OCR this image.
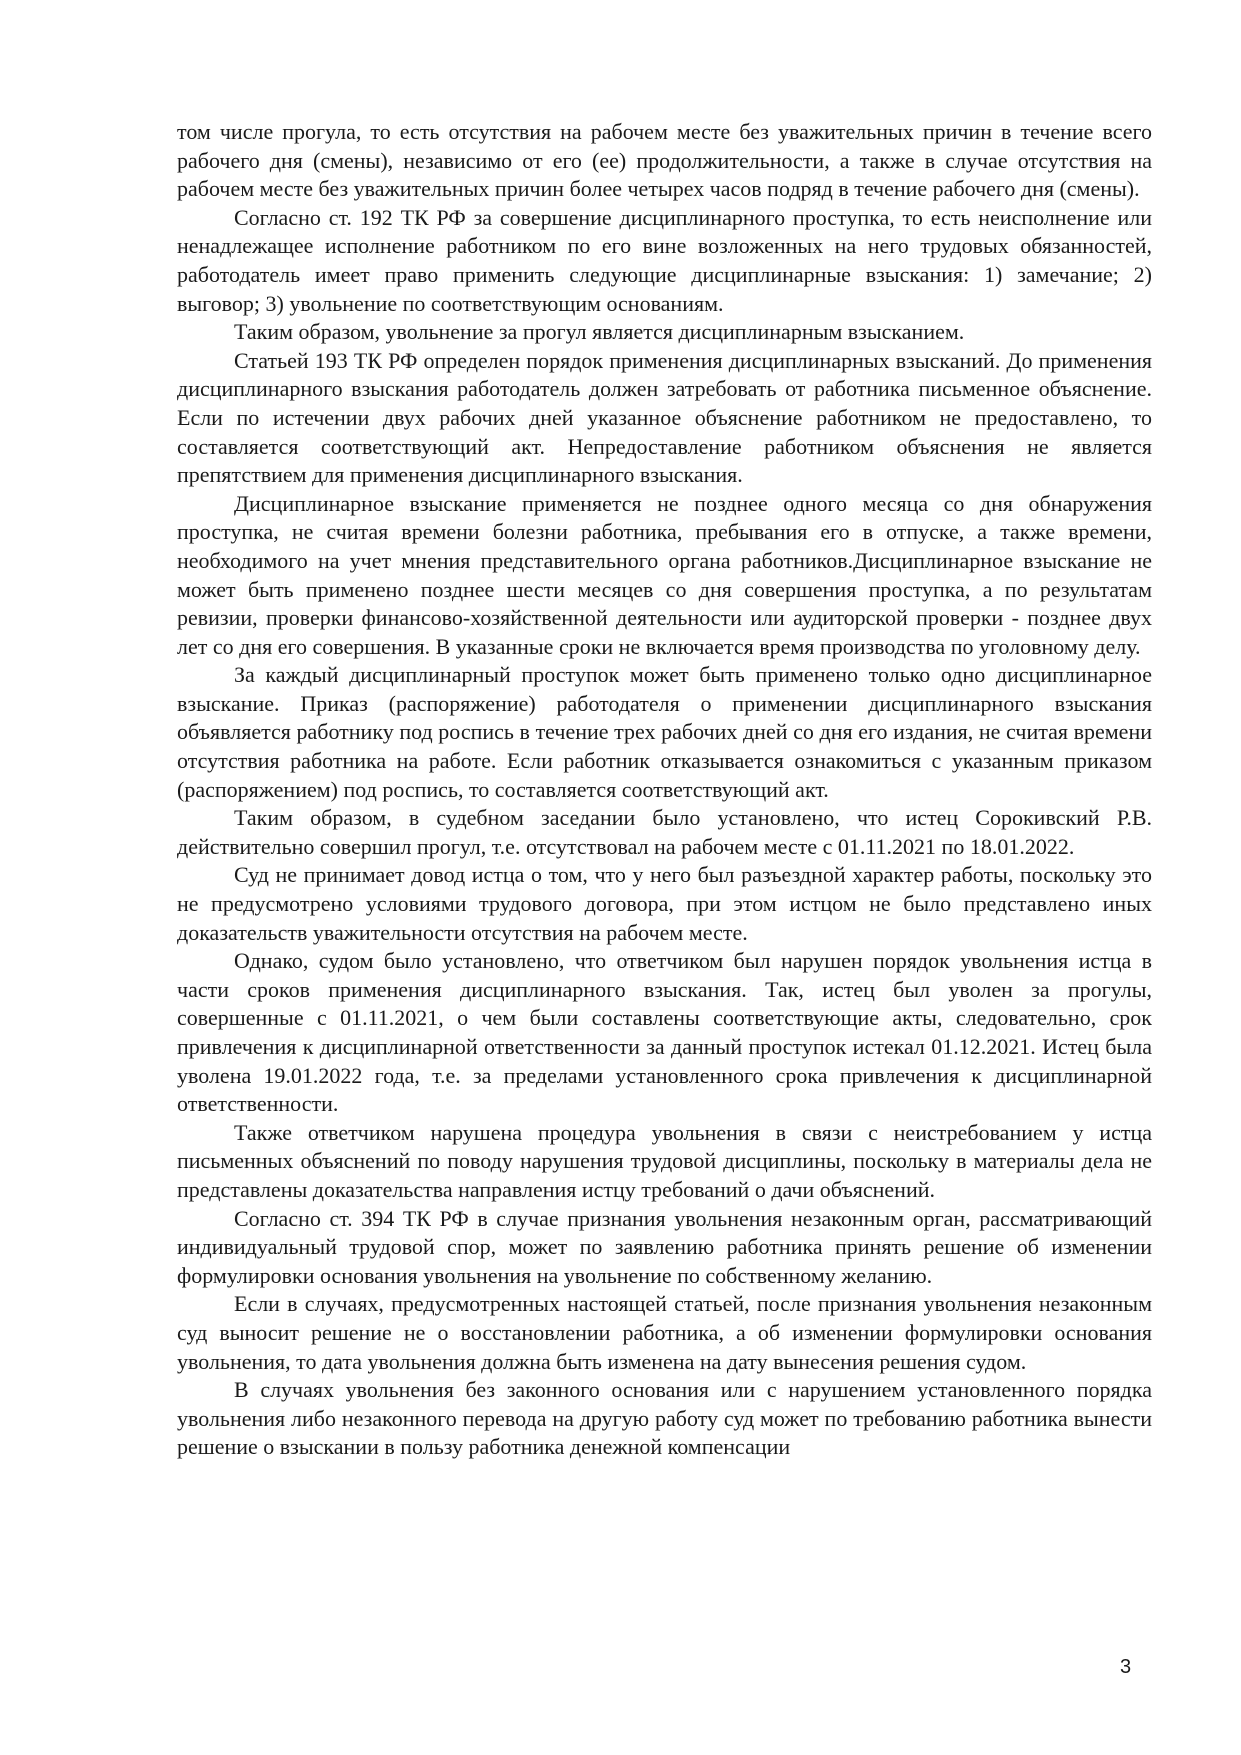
том числе прогула, то есть отсутствия на рабочем месте без уважительных причин в течение всего рабочего дня (смены), независимо от его (ее) продолжительности, а также в случае отсутствия на рабочем месте без уважительных причин более четырех часов подряд в течение рабочего дня (смены).

Согласно ст. 192 ТК РФ за совершение дисциплинарного проступка, то есть неисполнение или ненадлежащее исполнение работником по его вине возложенных на него трудовых обязанностей, работодатель имеет право применить следующие дисциплинарные взыскания: 1) замечание; 2) выговор; 3) увольнение по соответствующим основаниям.

Таким образом, увольнение за прогул является дисциплинарным взысканием.

Статьей 193 ТК РФ определен порядок применения дисциплинарных взысканий. До применения дисциплинарного взыскания работодатель должен затребовать от работника письменное объяснение. Если по истечении двух рабочих дней указанное объяснение работником не предоставлено, то составляется соответствующий акт. Непредоставление работником объяснения не является препятствием для применения дисциплинарного взыскания.

Дисциплинарное взыскание применяется не позднее одного месяца со дня обнаружения проступка, не считая времени болезни работника, пребывания его в отпуске, а также времени, необходимого на учет мнения представительного органа работников.Дисциплинарное взыскание не может быть применено позднее шести месяцев со дня совершения проступка, а по результатам ревизии, проверки финансово-хозяйственной деятельности или аудиторской проверки - позднее двух лет со дня его совершения. В указанные сроки не включается время производства по уголовному делу.

За каждый дисциплинарный проступок может быть применено только одно дисциплинарное взыскание. Приказ (распоряжение) работодателя о применении дисциплинарного взыскания объявляется работнику под роспись в течение трех рабочих дней со дня его издания, не считая времени отсутствия работника на работе. Если работник отказывается ознакомиться с указанным приказом (распоряжением) под роспись, то составляется соответствующий акт.

Таким образом, в судебном заседании было установлено, что истец Сорокивский Р.В. действительно совершил прогул, т.е. отсутствовал на рабочем месте с 01.11.2021 по 18.01.2022.

Суд не принимает довод истца о том, что у него был разъездной характер работы, поскольку это не предусмотрено условиями трудового договора, при этом истцом не было представлено иных доказательств уважительности отсутствия на рабочем месте.

Однако, судом было установлено, что ответчиком был нарушен порядок увольнения истца в части сроков применения дисциплинарного взыскания. Так, истец был уволен за прогулы, совершенные с 01.11.2021, о чем были составлены соответствующие акты, следовательно, срок привлечения к дисциплинарной ответственности за данный проступок истекал 01.12.2021. Истец была уволена 19.01.2022 года, т.е. за пределами установленного срока привлечения к дисциплинарной ответственности.

Также ответчиком нарушена процедура увольнения в связи с неистребованием у истца письменных объяснений по поводу нарушения трудовой дисциплины, поскольку в материалы дела не представлены доказательства направления истцу требований о дачи объяснений.

Согласно ст. 394 ТК РФ в случае признания увольнения незаконным орган, рассматривающий индивидуальный трудовой спор, может по заявлению работника принять решение об изменении формулировки основания увольнения на увольнение по собственному желанию.

Если в случаях, предусмотренных настоящей статьей, после признания увольнения незаконным суд выносит решение не о восстановлении работника, а об изменении формулировки основания увольнения, то дата увольнения должна быть изменена на дату вынесения решения судом.

В случаях увольнения без законного основания или с нарушением установленного порядка увольнения либо незаконного перевода на другую работу суд может по требованию работника вынести решение о взыскании в пользу работника денежной компенсации

3
